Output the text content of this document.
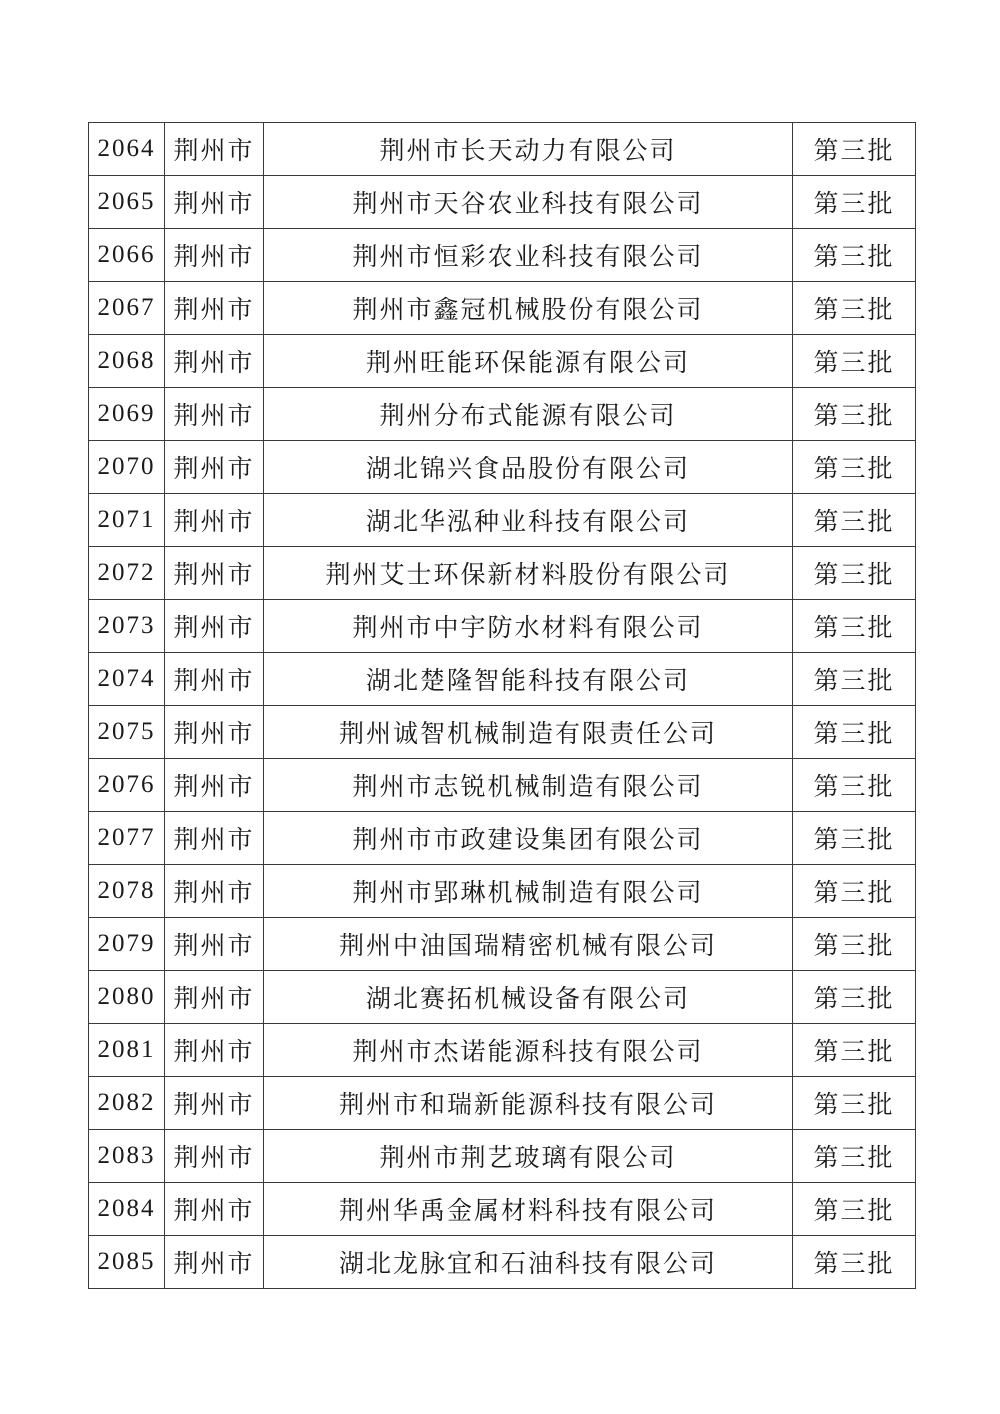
2064	荆州市	荆州市长天动力有限公司	第三批
2065	荆州市	荆州市天谷农业科技有限公司	第三批
2066	荆州市	荆州市恒彩农业科技有限公司	第三批
2067	荆州市	荆州市鑫冠机械股份有限公司	第三批
2068	荆州市	荆州旺能环保能源有限公司	第三批
2069	荆州市	荆州分布式能源有限公司	第三批
2070	荆州市	湖北锦兴食品股份有限公司	第三批
2071	荆州市	湖北华泓种业科技有限公司	第三批
2072	荆州市	荆州艾士环保新材料股份有限公司	第三批
2073	荆州市	荆州市中宇防水材料有限公司	第三批
2074	荆州市	湖北楚隆智能科技有限公司	第三批
2075	荆州市	荆州诚智机械制造有限责任公司	第三批
2076	荆州市	荆州市志锐机械制造有限公司	第三批
2077	荆州市	荆州市市政建设集团有限公司	第三批
2078	荆州市	荆州市郢琳机械制造有限公司	第三批
2079	荆州市	荆州中油国瑞精密机械有限公司	第三批
2080	荆州市	湖北赛拓机械设备有限公司	第三批
2081	荆州市	荆州市杰诺能源科技有限公司	第三批
2082	荆州市	荆州市和瑞新能源科技有限公司	第三批
2083	荆州市	荆州市荆艺玻璃有限公司	第三批
2084	荆州市	荆州华禹金属材料科技有限公司	第三批
2085	荆州市	湖北龙脉宜和石油科技有限公司	第三批
